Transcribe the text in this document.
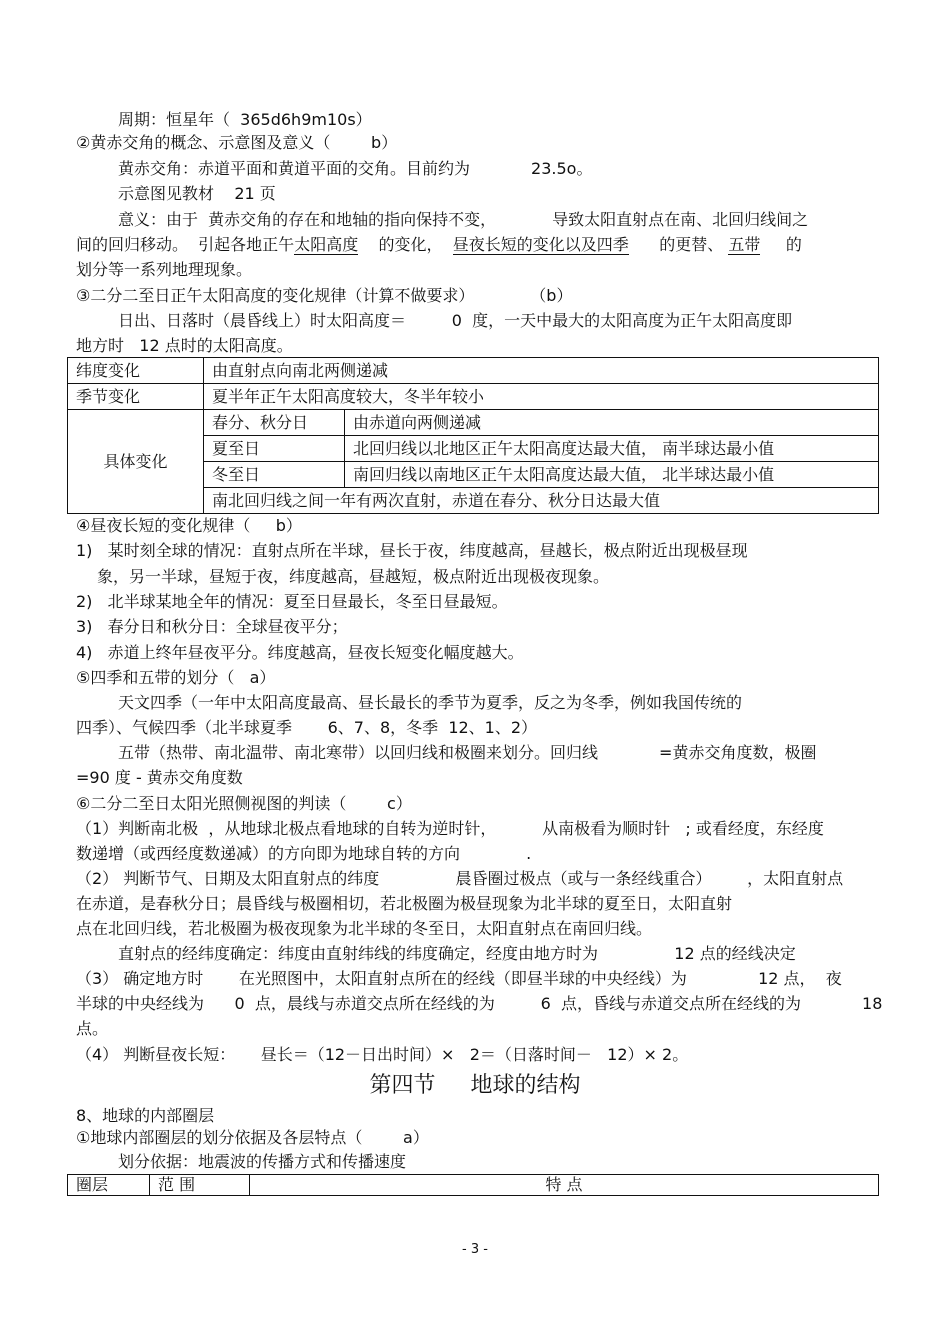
周期：恒星年（  365d6h9m10s）
②黄赤交角的概念、示意图及意义（        b）
黄赤交角：赤道平面和黄道平面的交角。目前约为            23.5o。
示意图见教材    21 页
意义：由于  黄赤交角的存在和地轴的指向保持不变，           导致太阳直射点在南、北回归线间之
间的回归移动。  引起各地正午太阳高度 的变化，  昼夜长短的变化以及四季 的更替、 五带 的
划分等一系列地理现象。
③二分二至日正午太阳高度的变化规律（计算不做要求）           （b）
日出、日落时（晨昏线上）时太阳高度＝         0  度，一天中最大的太阳高度为正午太阳高度即
地方时   12 点时的太阳高度。
纬度变化	由直射点向南北两侧递减	
季节变化	夏半年正午太阳高度较大，冬半年较小	
具体变化	春分、秋分日	由赤道向两侧递减
	夏至日	北回归线以北地区正午太阳高度达最大值， 南半球达最小值
	冬至日	南回归线以南地区正午太阳高度达最大值， 北半球达最小值
	南北回归线之间一年有两次直射，赤道在春分、秋分日达最大值	
④昼夜长短的变化规律（     b）
1)   某时刻全球的情况：直射点所在半球，昼长于夜，纬度越高，昼越长，极点附近出现极昼现
象，另一半球，昼短于夜，纬度越高，昼越短，极点附近出现极夜现象。
2)   北半球某地全年的情况：夏至日昼最长，冬至日昼最短。
3)   春分日和秋分日：全球昼夜平分；
4)   赤道上终年昼夜平分。纬度越高，昼夜长短变化幅度越大。
⑤四季和五带的划分（   a）
天文四季（一年中太阳高度最高、昼长最长的季节为夏季，反之为冬季，例如我国传统的
四季）、气候四季（北半球夏季       6、7、8，冬季  12、1、2）
五带（热带、南北温带、南北寒带）以回归线和极圈来划分。回归线            =黄赤交角度数，极圈
=90 度 - 黄赤交角度数
⑥二分二至日太阳光照侧视图的判读（        c）
（1）判断南北极  ，从地球北极点看地球的自转为逆时针，         从南极看为顺时针   ; 或看经度，东经度
数递增（或西经度数递减）的方向即为地球自转的方向             .
（2） 判断节气、日期及太阳直射点的纬度               晨昏圈过极点（或与一条经线重合）       ，太阳直射点
在赤道，是春秋分日；晨昏线与极圈相切，若北极圈为极昼现象为北半球的夏至日，太阳直射
点在北回归线，若北极圈为极夜现象为北半球的冬至日，太阳直射点在南回归线。
直射点的经纬度确定：纬度由直射纬线的纬度确定，经度由地方时为               12 点的经线决定
（3） 确定地方时       在光照图中，太阳直射点所在的经线（即昼半球的中央经线）为              12 点，  夜
半球的中央经线为      0  点，晨线与赤道交点所在经线的为         6  点，昏线与赤道交点所在经线的为            18
点。
（4） 判断昼夜长短：     昼长＝（12－日出时间）×   2＝（日落时间－   12）× 2。
第四节     地球的结构
8、地球的内部圈层
①地球内部圈层的划分依据及各层特点（        a）
划分依据：地震波的传播方式和传播速度
圈层	范 围	特 点
- 3 -
